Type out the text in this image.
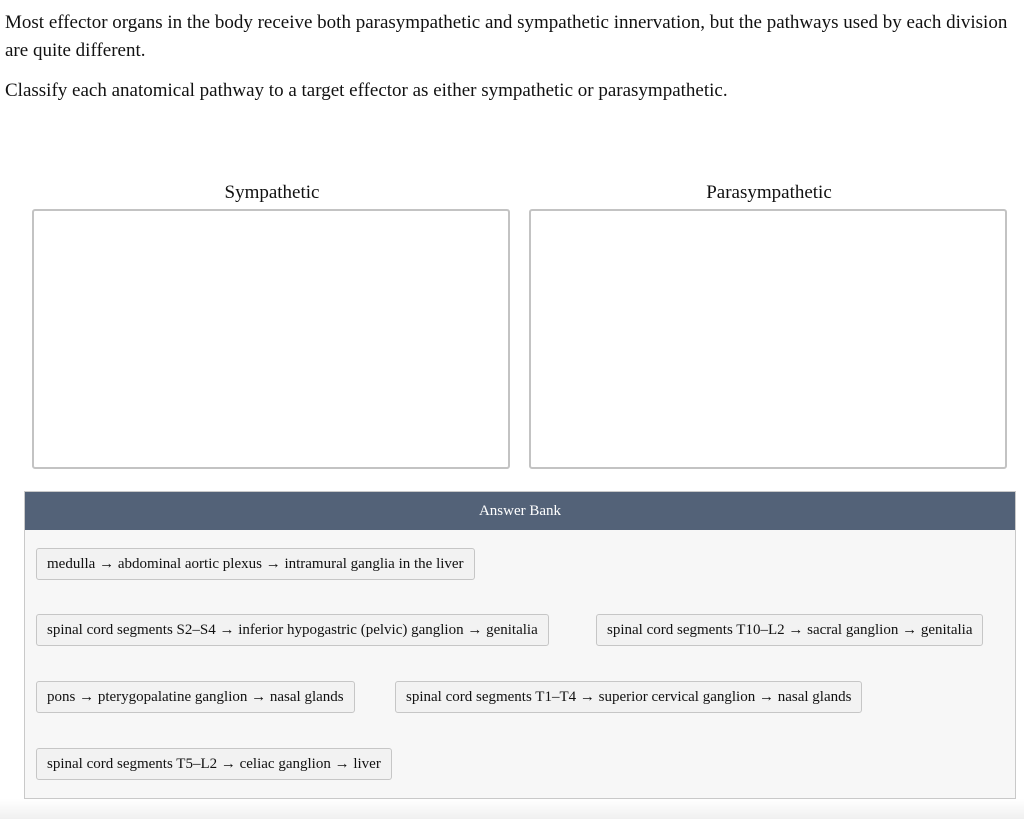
Most effector organs in the body receive both parasympathetic and sympathetic innervation, but the pathways used by each division are quite different.

Classify each anatomical pathway to a target effector as either sympathetic or parasympathetic.

Sympathetic	Parasympathetic
Answer Bank
medulla → abdominal aortic plexus → intramural ganglia in the liver
spinal cord segments S2–S4 → inferior hypogastric (pelvic) ganglion → genitalia	spinal cord segments T10–L2 → sacral ganglion → genitalia
pons → pterygopalatine ganglion → nasal glands	spinal cord segments T1–T4 → superior cervical ganglion → nasal glands
spinal cord segments T5–L2 → celiac ganglion → liver
